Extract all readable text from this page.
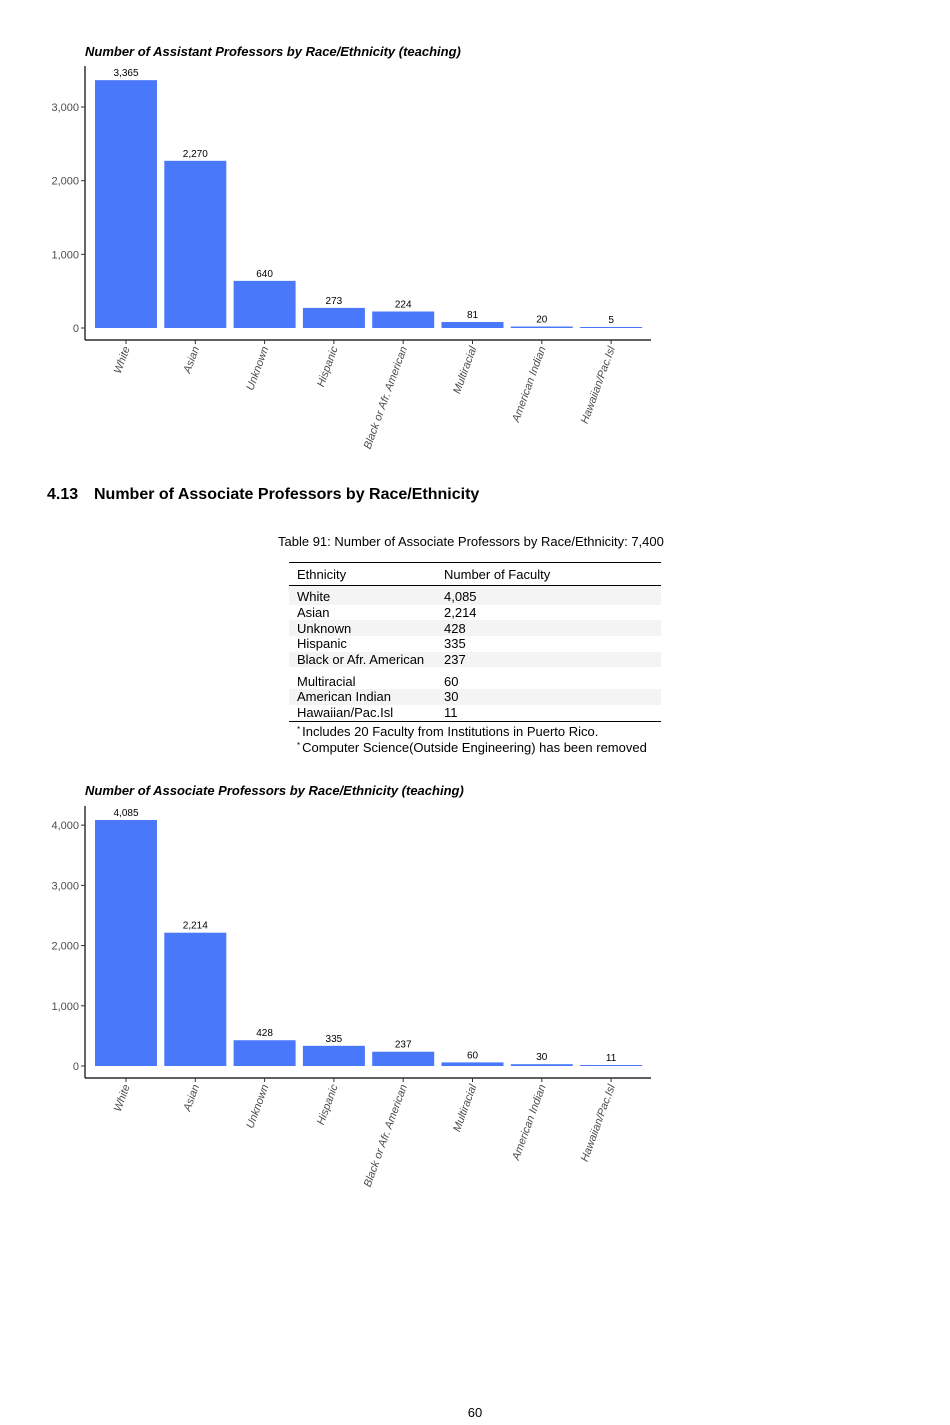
Number of Assistant Professors by Race/Ethnicity (teaching)
0
1,000
2,000
3,000
3,365
White
2,270
Asian
640
Unknown
273
Hispanic
224
Black or Afr. American
81
Multiracial
20
American Indian
5
Hawaiian/Pac.Isl
4.13 Number of Associate Professors by Race/Ethnicity
Table 91: Number of Associate Professors by Race/Ethnicity: 7,400
Ethnicity	Number of Faculty
White	4,085
Asian	2,214
Unknown	428
Hispanic	335
Black or Afr. American	237
Multiracial	60
American Indian	30
Hawaiian/Pac.Isl	11
* Includes 20 Faculty from Institutions in Puerto Rico.
* Computer Science(Outside Engineering) has been removed
Number of Associate Professors by Race/Ethnicity (teaching)
0
1,000
2,000
3,000
4,000
4,085
White
2,214
Asian
428
Unknown
335
Hispanic
237
Black or Afr. American
60
Multiracial
30
American Indian
11
Hawaiian/Pac.Isl
60
